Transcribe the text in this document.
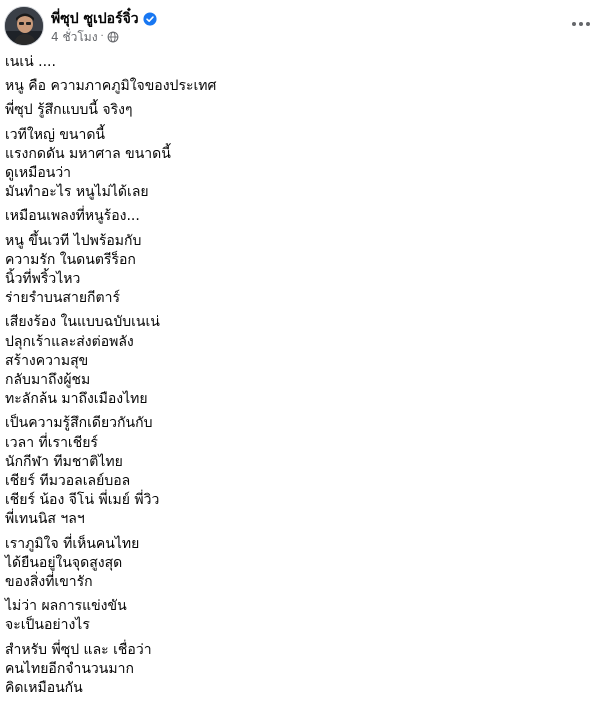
พี่ซุป ซูเปอร์จิ๋ว
4 ชั่วโมง ·
เนเน่ ....
หนู คือ ความภาคภูมิใจของประเทศ
พี่ซุป รู้สึกแบบนี้ จริงๆ
เวทีใหญ่ ขนาดนี้
แรงกดดัน มหาศาล ขนาดนี้
ดูเหมือนว่า
มันทำอะไร หนูไม่ได้เลย
เหมือนเพลงที่หนูร้อง...
หนู ขึ้นเวที ไปพร้อมกับ
ความรัก ในดนตรีร็อก
นิ้วที่พริ้วไหว
ร่ายรำบนสายกีตาร์
เสียงร้อง ในแบบฉบับเนเน่
ปลุกเร้าและส่งต่อพลัง
สร้างความสุข
กลับมาถึงผู้ชม
ทะลักล้น มาถึงเมืองไทย
เป็นความรู้สึกเดียวกันกับ
เวลา ที่เราเชียร์
นักกีฬา ทีมชาติไทย
เชียร์ ทีมวอลเลย์บอล
เชียร์ น้อง จีโน่ พี่เมย์ พี่วิว
พี่เทนนิส ฯลฯ
เราภูมิใจ ที่เห็นคนไทย
ได้ยืนอยู่ในจุดสูงสุด
ของสิ่งที่เขารัก
ไม่ว่า ผลการแข่งขัน
จะเป็นอย่างไร
สำหรับ พี่ซุป และ เชื่อว่า
คนไทยอีกจำนวนมาก
คิดเหมือนกัน
